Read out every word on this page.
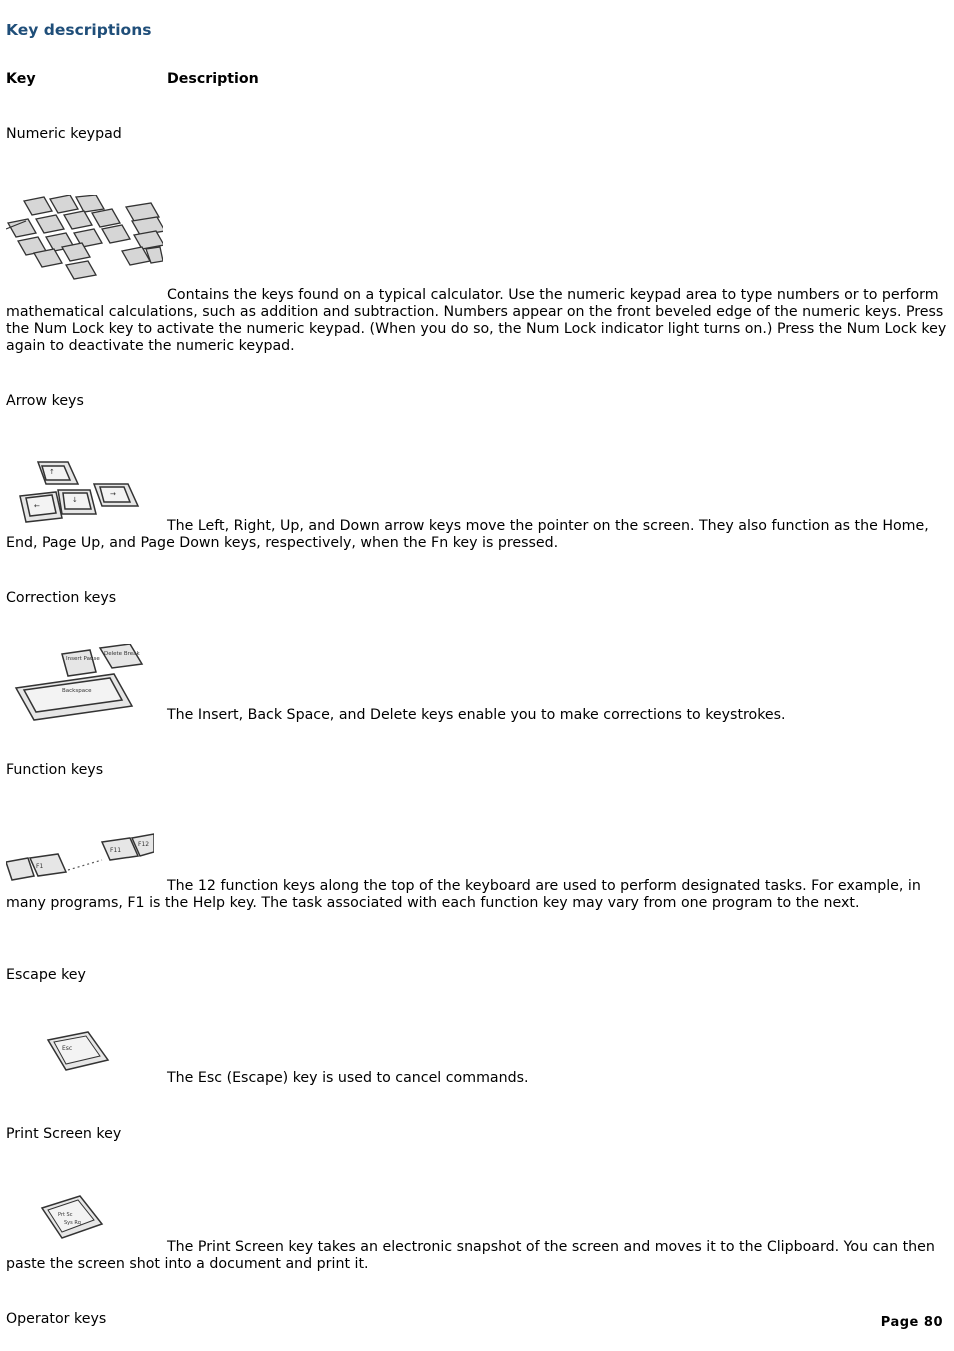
Key descriptions
Key	Description
Numeric keypad

Contains the keys found on a typical calculator. Use the numeric keypad area to type numbers or to perform mathematical calculations, such as addition and subtraction. Numbers appear on the front beveled edge of the numeric keys. Press the Num Lock key to activate the numeric keypad. (When you do so, the Num Lock indicator light turns on.) Press the Num Lock key again to deactivate the numeric keypad.

Arrow keys
↑
←
↓
→

The Left, Right, Up, and Down arrow keys move the pointer on the screen. They also function as the Home, End, Page Up, and Page Down keys, respectively, when the Fn key is pressed.

Correction keys
Insert Pause
Delete Break
Backspace

The Insert, Back Space, and Delete keys enable you to make corrections to keystrokes.

Function keys
F1
F11
F12

The 12 function keys along the top of the keyboard are used to perform designated tasks. For example, in many programs, F1 is the Help key. The task associated with each function key may vary from one program to the next.

Escape key
Esc

The Esc (Escape) key is used to cancel commands.

Print Screen key
Prt Sc
Sys Rq

The Print Screen key takes an electronic snapshot of the screen and moves it to the Clipboard. You can then paste the screen shot into a document and print it.

Operator keys	Page 80
